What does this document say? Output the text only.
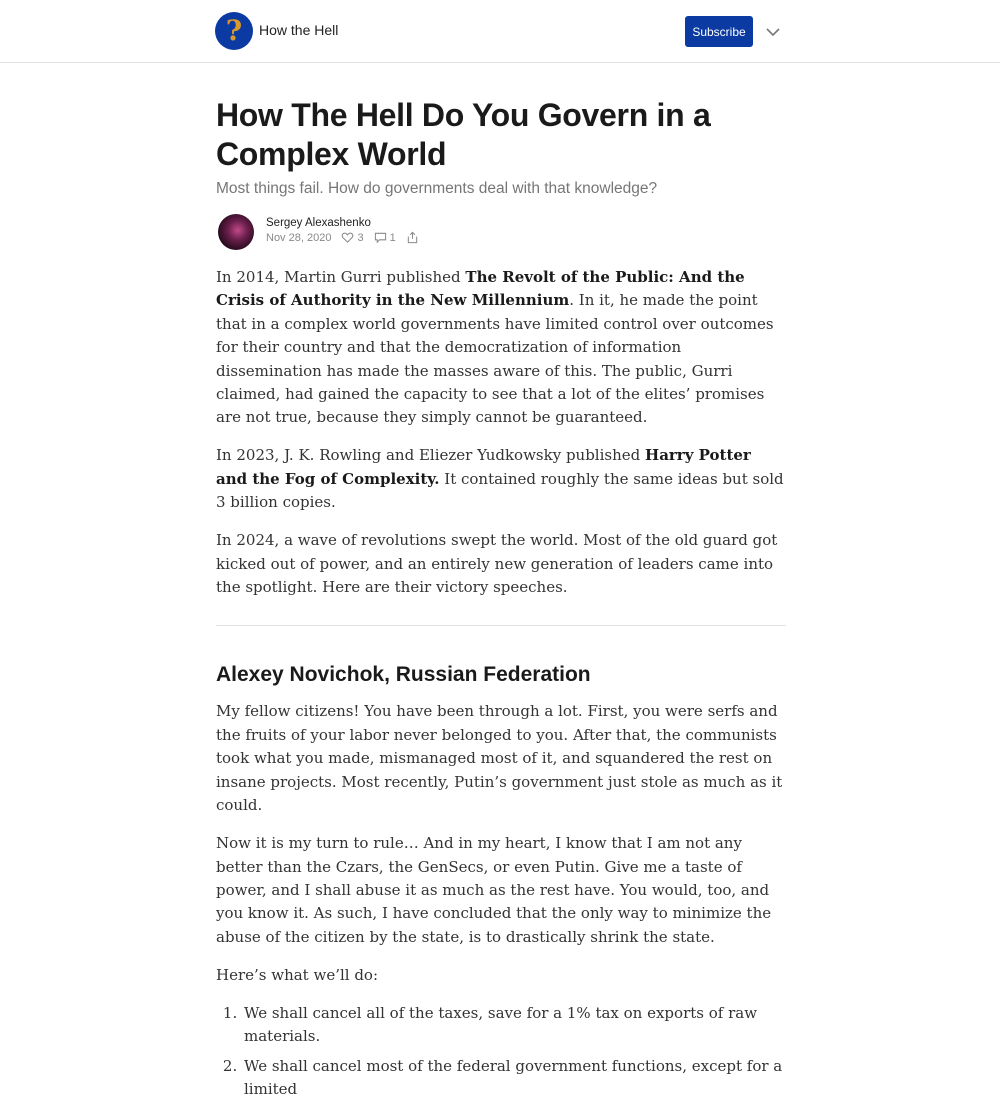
? How the Hell	Subscribe
How The Hell Do You Govern in a Complex World
Most things fail. How do governments deal with that knowledge?
Sergey Alexashenko
Nov 28, 2020 3 1

In 2014, Martin Gurri published The Revolt of the Public: And the Crisis of Authority in the New Millennium. In it, he made the point that in a complex world governments have limited control over outcomes for their country and that the democratization of information dissemination has made the masses aware of this. The public, Gurri claimed, had gained the capacity to see that a lot of the elites’ promises are not true, because they simply cannot be guaranteed.

In 2023, J. K. Rowling and Eliezer Yudkowsky published Harry Potter and the Fog of Complexity. It contained roughly the same ideas but sold 3 billion copies.

In 2024, a wave of revolutions swept the world. Most of the old guard got kicked out of power, and an entirely new generation of leaders came into the spotlight. Here are their victory speeches.

Alexey Novichok, Russian Federation

My fellow citizens! You have been through a lot. First, you were serfs and the fruits of your labor never belonged to you. After that, the communists took what you made, mismanaged most of it, and squandered the rest on insane projects. Most recently, Putin’s government just stole as much as it could.

Now it is my turn to rule… And in my heart, I know that I am not any better than the Czars, the GenSecs, or even Putin. Give me a taste of power, and I shall abuse it as much as the rest have. You would, too, and you know it. As such, I have concluded that the only way to minimize the abuse of the citizen by the state, is to drastically shrink the state.

Here’s what we’ll do:

1. We shall cancel all of the taxes, save for a 1% tax on exports of raw materials.
2. We shall cancel most of the federal government functions, except for a limited
